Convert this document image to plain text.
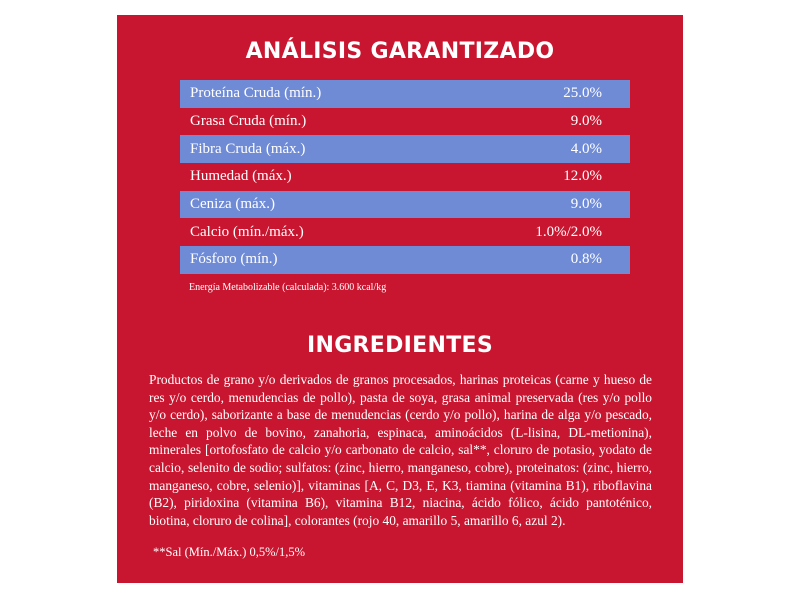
ANÁLISIS GARANTIZADO
Proteína Cruda (mín.)	25.0%
Grasa Cruda (mín.)	9.0%
Fibra Cruda (máx.)	4.0%
Humedad (máx.)	12.0%
Ceniza (máx.)	9.0%
Calcio (mín./máx.)	1.0%/2.0%
Fósforo (mín.)	0.8%
Energía Metabolizable (calculada): 3.600 kcal/kg
INGREDIENTES

Productos de grano y/o derivados de granos procesados, harinas proteicas (carne y hueso de res y/o cerdo, menudencias de pollo), pasta de soya, grasa animal preservada (res y/o pollo y/o cerdo), saborizante a base de menudencias (cerdo y/o pollo), harina de alga y/o pescado, leche en polvo de bovino, zanahoria, espinaca, aminoácidos (L-lisina, DL-metionina), minerales [ortofosfato de calcio y/o carbonato de calcio, sal**, cloruro de potasio, yodato de calcio, selenito de sodio; sulfatos: (zinc, hierro, manganeso, cobre), proteinatos: (zinc, hierro, manganeso, cobre, selenio)], vitaminas [A, C, D3, E, K3, tiamina (vitamina B1), riboflavina (B2), piridoxina (vitamina B6), vitamina B12, niacina, ácido fólico, ácido pantoténico, biotina, cloruro de colina], colorantes (rojo 40, amarillo 5, amarillo 6, azul 2).

**Sal (Mín./Máx.) 0,5%/1,5%
